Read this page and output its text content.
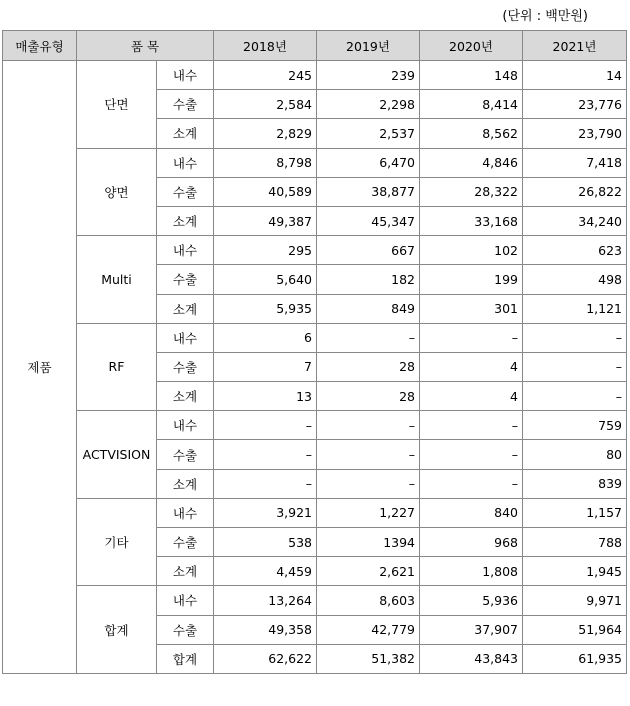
(단위 : 백만원)
매출유형	품 목		2018년	2019년	2020년	2021년
제품	단면	내수	245	239	148	14
		수출	2,584	2,298	8,414	23,776
		소계	2,829	2,537	8,562	23,790
	양면	내수	8,798	6,470	4,846	7,418
		수출	40,589	38,877	28,322	26,822
		소계	49,387	45,347	33,168	34,240
	Multi	내수	295	667	102	623
		수출	5,640	182	199	498
		소계	5,935	849	301	1,121
	RF	내수	6	–	–	–
		수출	7	28	4	–
		소계	13	28	4	–
	ACTVISION	내수	–	–	–	759
		수출	–	–	–	80
		소계	–	–	–	839
	기타	내수	3,921	1,227	840	1,157
		수출	538	1394	968	788
		소계	4,459	2,621	1,808	1,945
	합계	내수	13,264	8,603	5,936	9,971
		수출	49,358	42,779	37,907	51,964
		합계	62,622	51,382	43,843	61,935
